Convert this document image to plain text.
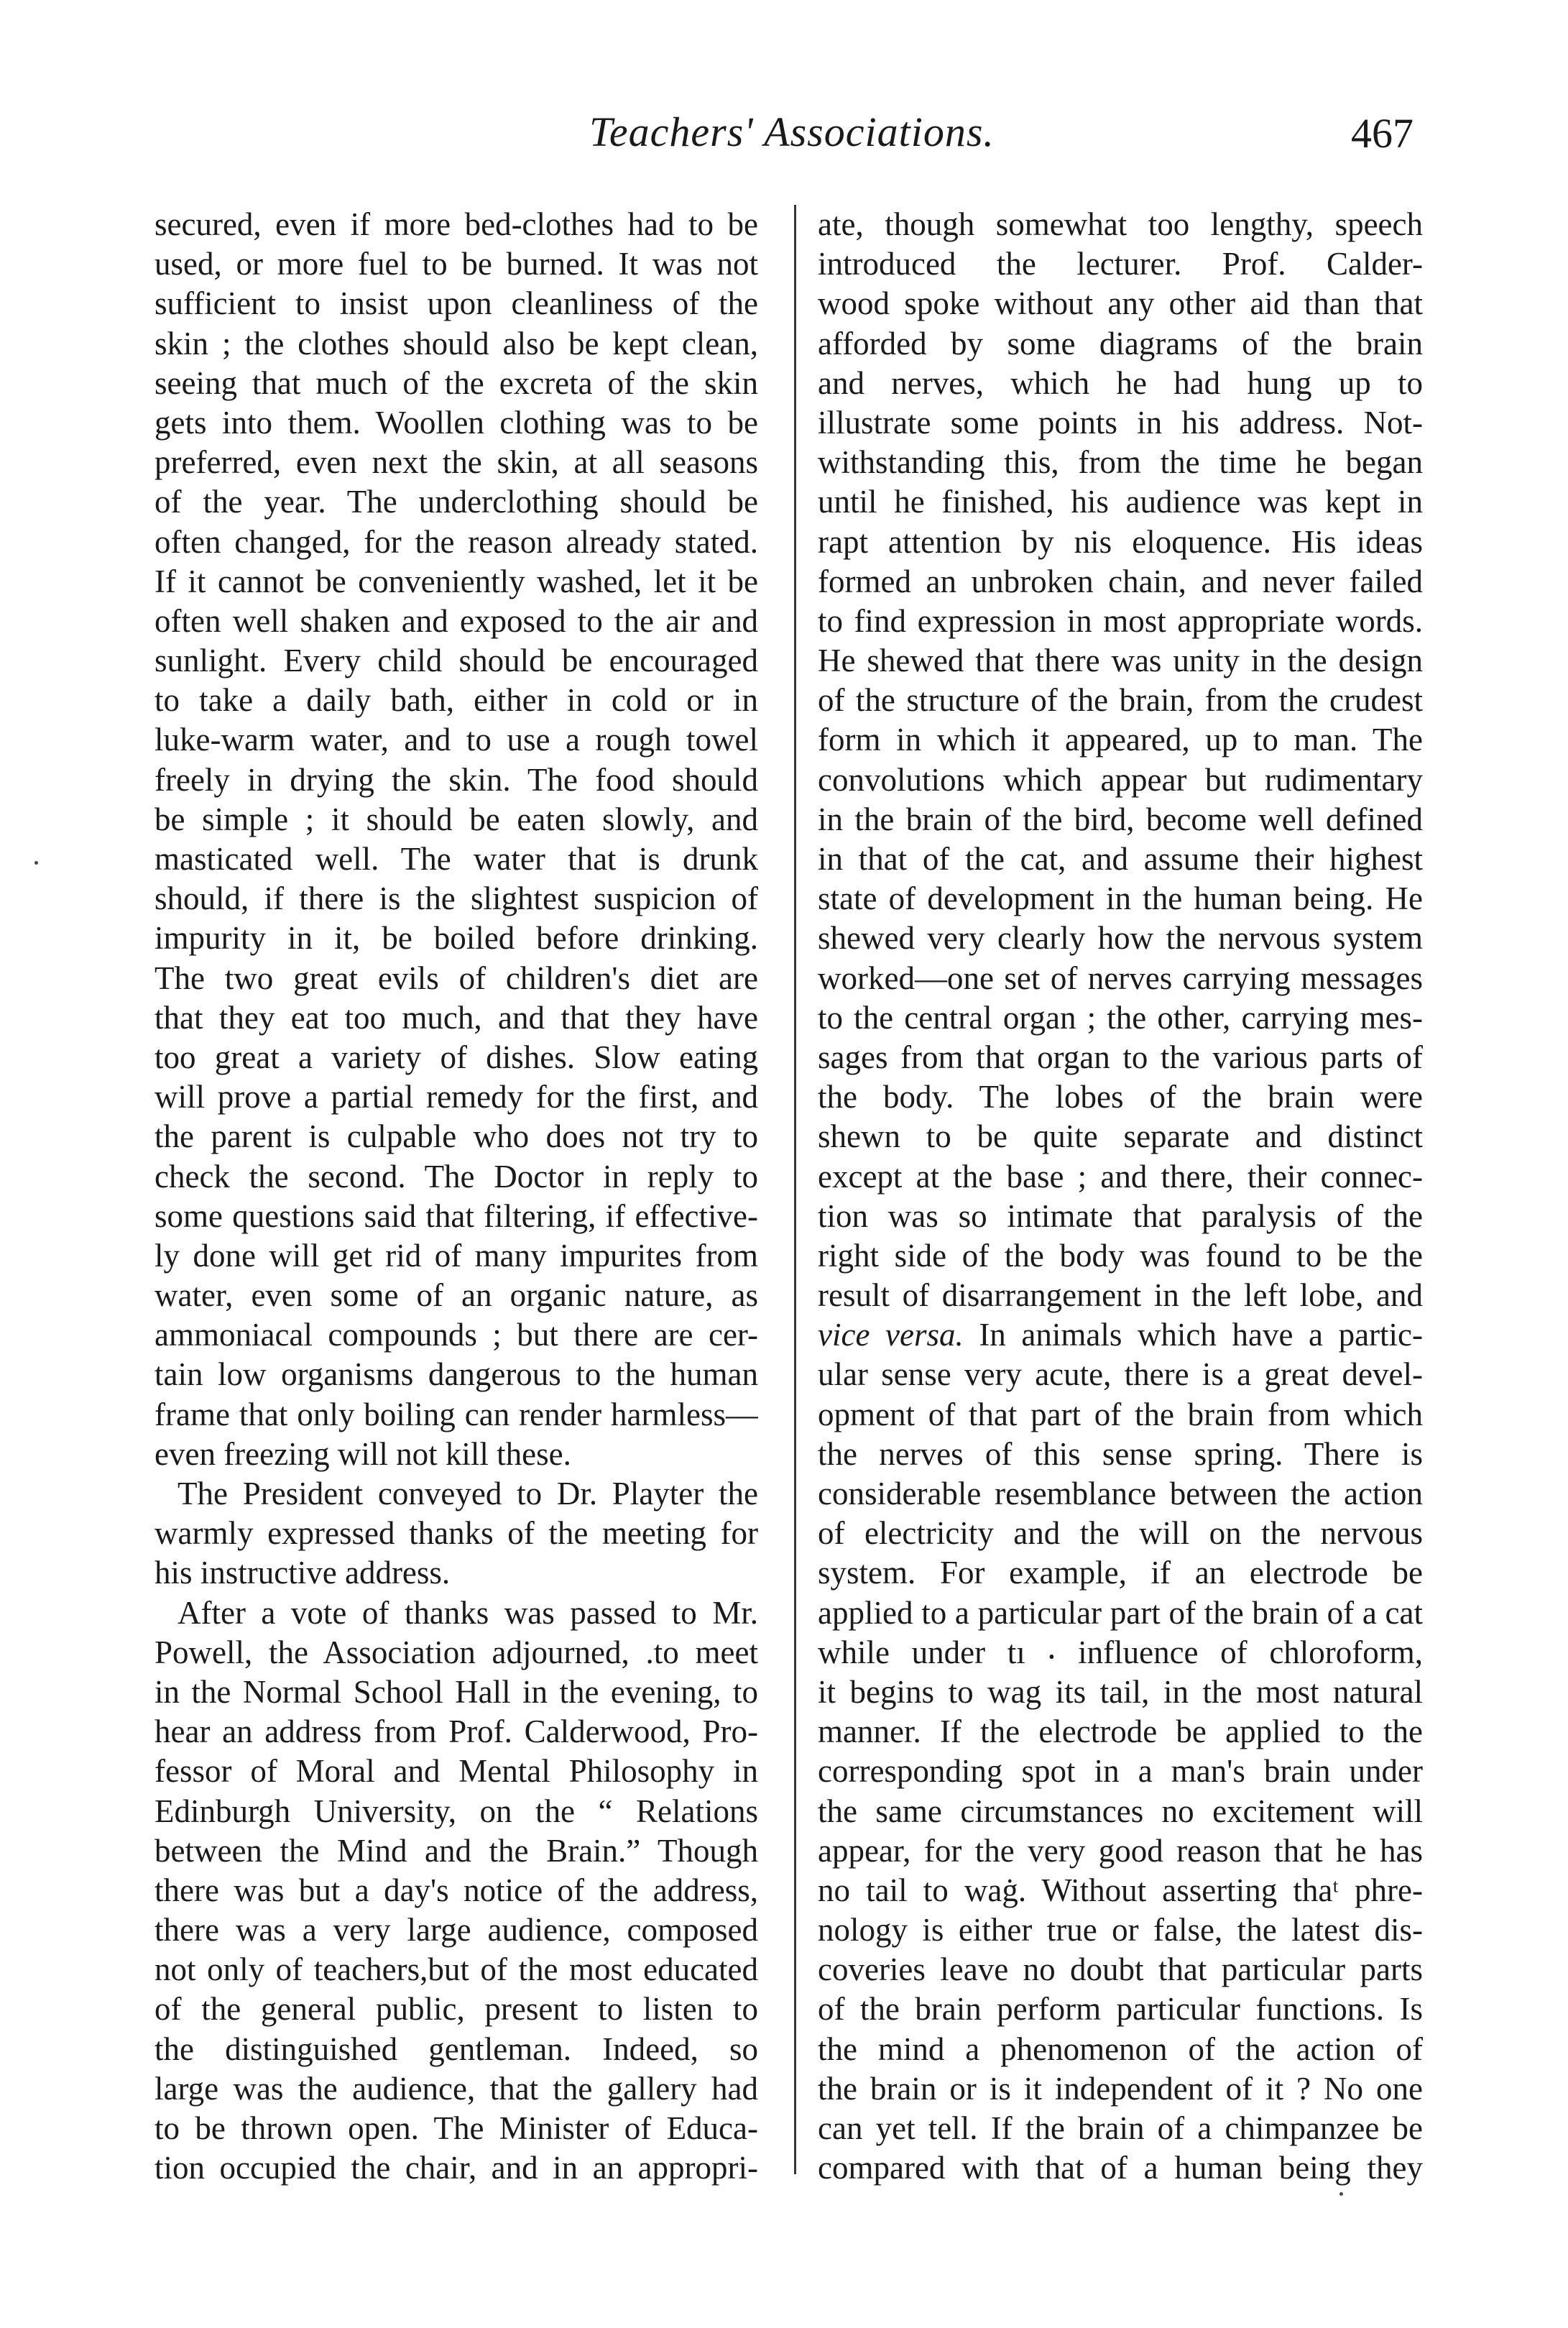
Teachers' Associations.	467
secured, even if more bed-clothes had to be
used, or more fuel to be burned. It was not
sufficient to insist upon cleanliness of the
skin ; the clothes should also be kept clean,
seeing that much of the excreta of the skin
gets into them. Woollen clothing was to be
preferred, even next the skin, at all seasons
of the year. The underclothing should be
often changed, for the reason already stated.
If it cannot be conveniently washed, let it be
often well shaken and exposed to the air and
sunlight. Every child should be encouraged
to take a daily bath, either in cold or in
luke-warm water, and to use a rough towel
freely in drying the skin. The food should
be simple ; it should be eaten slowly, and
masticated well. The water that is drunk
should, if there is the slightest suspicion of
impurity in it, be boiled before drinking.
The two great evils of children's diet are
that they eat too much, and that they have
too great a variety of dishes. Slow eating
will prove a partial remedy for the first, and
the parent is culpable who does not try to
check the second. The Doctor in reply to
some questions said that filtering, if effective-
ly done will get rid of many impurites from
water, even some of an organic nature, as
ammoniacal compounds ; but there are cer-
tain low organisms dangerous to the human
frame that only boiling can render harmless—
even freezing will not kill these.
The President conveyed to Dr. Playter the
warmly expressed thanks of the meeting for
his instructive address.
After a vote of thanks was passed to Mr.
Powell, the Association adjourned, .to meet
in the Normal School Hall in the evening, to
hear an address from Prof. Calderwood, Pro-
fessor of Moral and Mental Philosophy in
Edinburgh University, on the “ Relations
between the Mind and the Brain.” Though
there was but a day's notice of the address,
there was a very large audience, composed
not only of teachers,but of the most educated
of the general public, present to listen to
the distinguished gentleman. Indeed, so
large was the audience, that the gallery had
to be thrown open. The Minister of Educa-
tion occupied the chair, and in an appropri-
ate, though somewhat too lengthy, speech
introduced the lecturer. Prof. Calder-
wood spoke without any other aid than that
afforded by some diagrams of the brain
and nerves, which he had hung up to
illustrate some points in his address. Not-
withstanding this, from the time he began
until he finished, his audience was kept in
rapt attention by nis eloquence. His ideas
formed an unbroken chain, and never failed
to find expression in most appropriate words.
He shewed that there was unity in the design
of the structure of the brain, from the crudest
form in which it appeared, up to man. The
convolutions which appear but rudimentary
in the brain of the bird, become well defined
in that of the cat, and assume their highest
state of development in the human being. He
shewed very clearly how the nervous system
worked—one set of nerves carrying messages
to the central organ ; the other, carrying mes-
sages from that organ to the various parts of
the body. The lobes of the brain were
shewn to be quite separate and distinct
except at the base ; and there, their connec-
tion was so intimate that paralysis of the
right side of the body was found to be the
result of disarrangement in the left lobe, and
vice versa. In animals which have a partic-
ular sense very acute, there is a great devel-
opment of that part of the brain from which
the nerves of this sense spring. There is
considerable resemblance between the action
of electricity and the will on the nervous
system. For example, if an electrode be
applied to a particular part of the brain of a cat
while under tı ⸳ influence of chloroform,
it begins to wag its tail, in the most natural
manner. If the electrode be applied to the
corresponding spot in a man's brain under
the same circumstances no excitement will
appear, for the very good reason that he has
no tail to waġ. Without asserting thaᵗ phre-
nology is either true or false, the latest dis-
coveries leave no doubt that particular parts
of the brain perform particular functions. Is
the mind a phenomenon of the action of
the brain or is it independent of it ? No one
can yet tell. If the brain of a chimpanzee be
compared with that of a human being they
